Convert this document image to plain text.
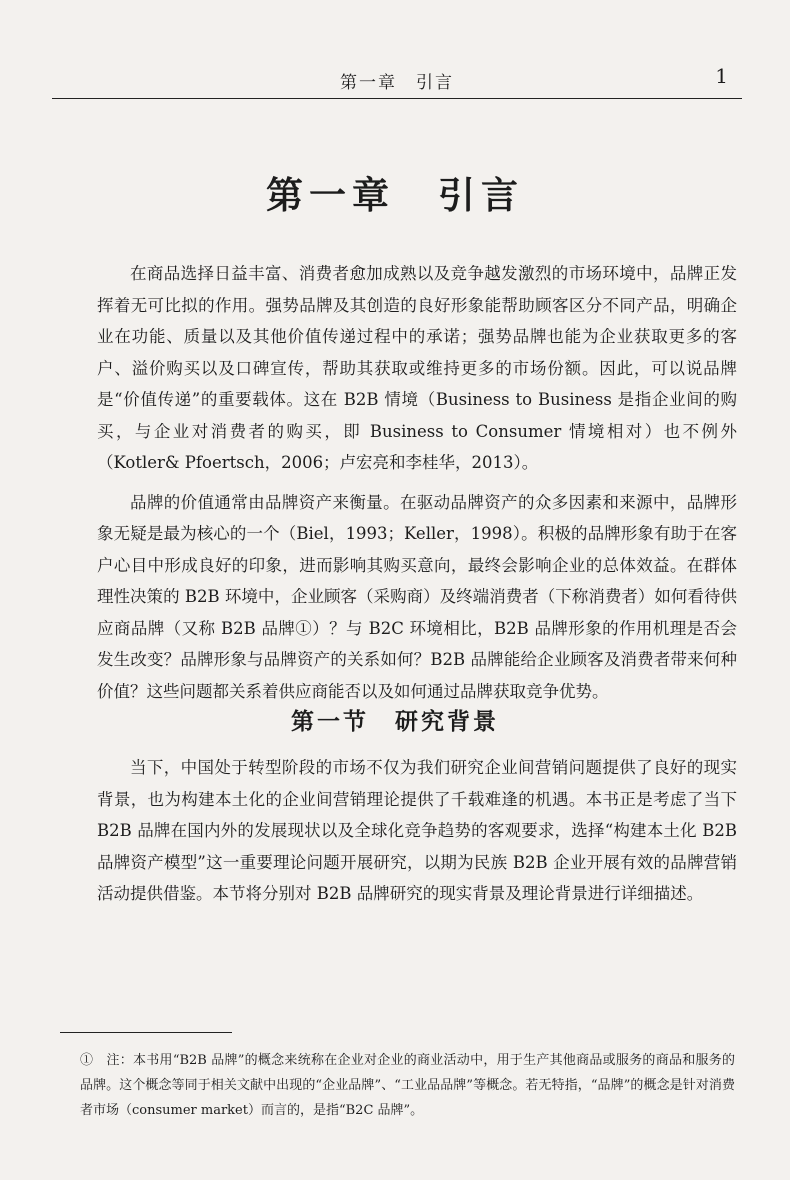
第一章　引言	1
第一章　引言

在商品选择日益丰富、消费者愈加成熟以及竞争越发激烈的市场环境中，品牌正发挥着无可比拟的作用。强势品牌及其创造的良好形象能帮助顾客区分不同产品，明确企业在功能、质量以及其他价值传递过程中的承诺；强势品牌也能为企业获取更多的客户、溢价购买以及口碑宣传，帮助其获取或维持更多的市场份额。因此，可以说品牌是“价值传递”的重要载体。这在 B2B 情境（Business to Business 是指企业间的购买，与企业对消费者的购买，即 Business to Consumer 情境相对）也不例外（Kotler& Pfoertsch，2006；卢宏亮和李桂华，2013）。

品牌的价值通常由品牌资产来衡量。在驱动品牌资产的众多因素和来源中，品牌形象无疑是最为核心的一个（Biel，1993；Keller，1998）。积极的品牌形象有助于在客户心目中形成良好的印象，进而影响其购买意向，最终会影响企业的总体效益。在群体理性决策的 B2B 环境中，企业顾客（采购商）及终端消费者（下称消费者）如何看待供应商品牌（又称 B2B 品牌①）？与 B2C 环境相比，B2B 品牌形象的作用机理是否会发生改变？品牌形象与品牌资产的关系如何？B2B 品牌能给企业顾客及消费者带来何种价值？这些问题都关系着供应商能否以及如何通过品牌获取竞争优势。

第一节　研究背景

当下，中国处于转型阶段的市场不仅为我们研究企业间营销问题提供了良好的现实背景，也为构建本土化的企业间营销理论提供了千载难逢的机遇。本书正是考虑了当下 B2B 品牌在国内外的发展现状以及全球化竞争趋势的客观要求，选择“构建本土化 B2B 品牌资产模型”这一重要理论问题开展研究，以期为民族 B2B 企业开展有效的品牌营销活动提供借鉴。本节将分别对 B2B 品牌研究的现实背景及理论背景进行详细描述。

①　注：本书用“B2B 品牌”的概念来统称在企业对企业的商业活动中，用于生产其他商品或服务的商品和服务的品牌。这个概念等同于相关文献中出现的“企业品牌”、“工业品品牌”等概念。若无特指，“品牌”的概念是针对消费者市场（consumer market）而言的，是指“B2C 品牌”。
